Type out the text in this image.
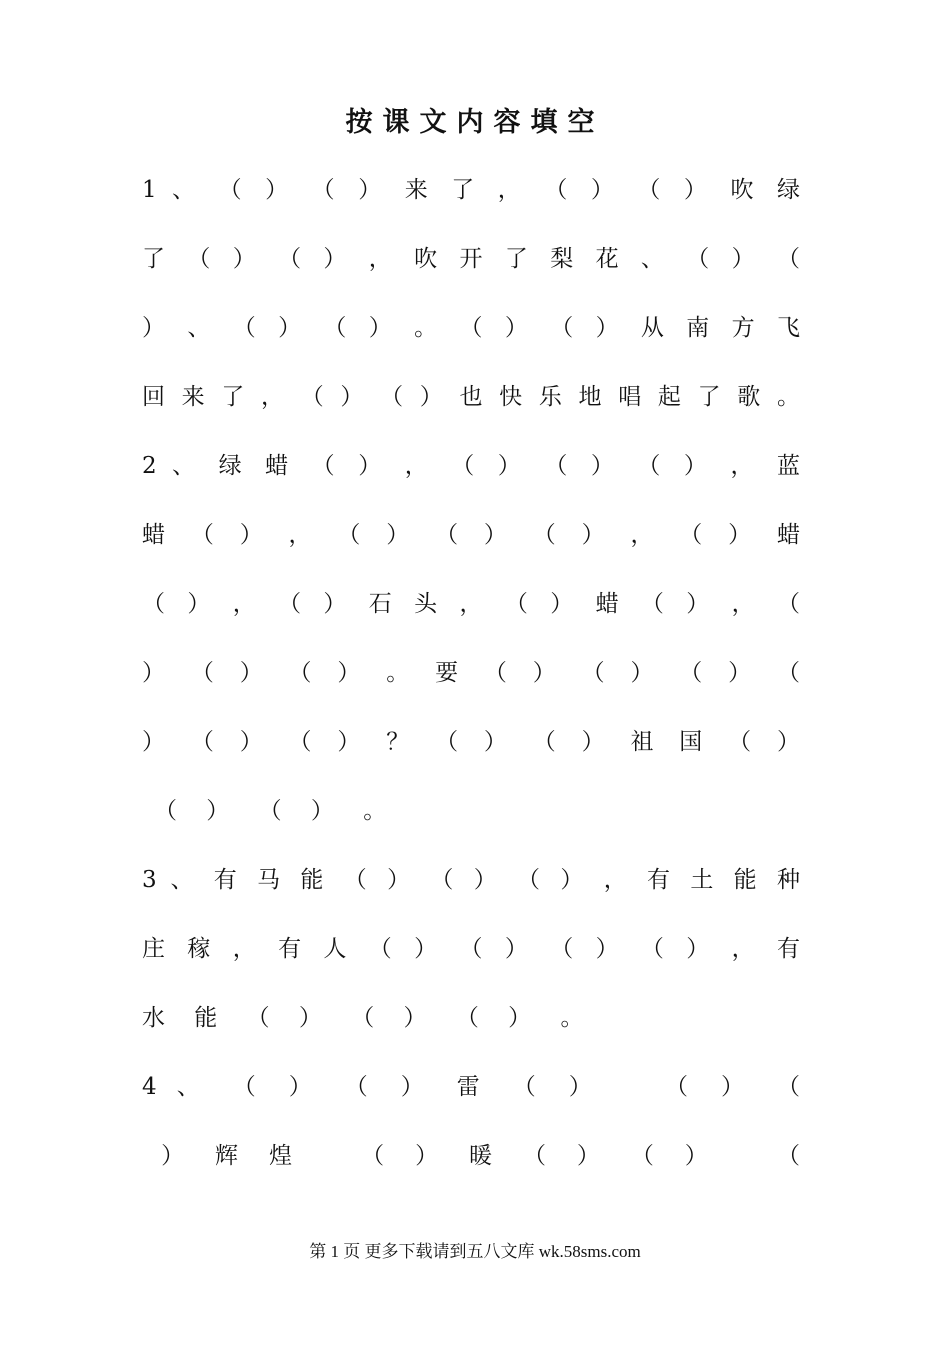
按课文内容填空
1 、 （ ） （ ） 来 了 ， （ ） （ ） 吹 绿
了 （ ） （ ） ， 吹 开 了 梨 花 、 （ ） （
） 、 （ ） （ ） 。 （ ） （ ） 从 南 方 飞
回 来 了 ， （ ） （ ） 也 快 乐 地 唱 起 了 歌 。
2 、 绿 蜡 （ ） ， （ ） （ ） （ ） ， 蓝
蜡 （ ） ， （ ） （ ） （ ） ， （ ） 蜡
（ ） ， （ ） 石 头 ， （ ） 蜡 （ ） ， （
） （ ） （ ） 。 要 （ ） （ ） （ ） （
） （ ） （ ） ？ （ ） （ ） 祖 国 （ ）
（ ） （ ） 。
3 、 有 马 能 （ ） （ ） （ ） ， 有 土 能 种
庄 稼 ， 有 人 （ ） （ ） （ ） （ ） ， 有
水 能 （ ） （ ） （ ） 。
4 、 （ ） （ ） 雷 （ ）   （ ） （
） 辉 煌   （ ） 暖 （ ） （ ）   （
第 1 页 更多下载请到五八文库 wk.58sms.com
